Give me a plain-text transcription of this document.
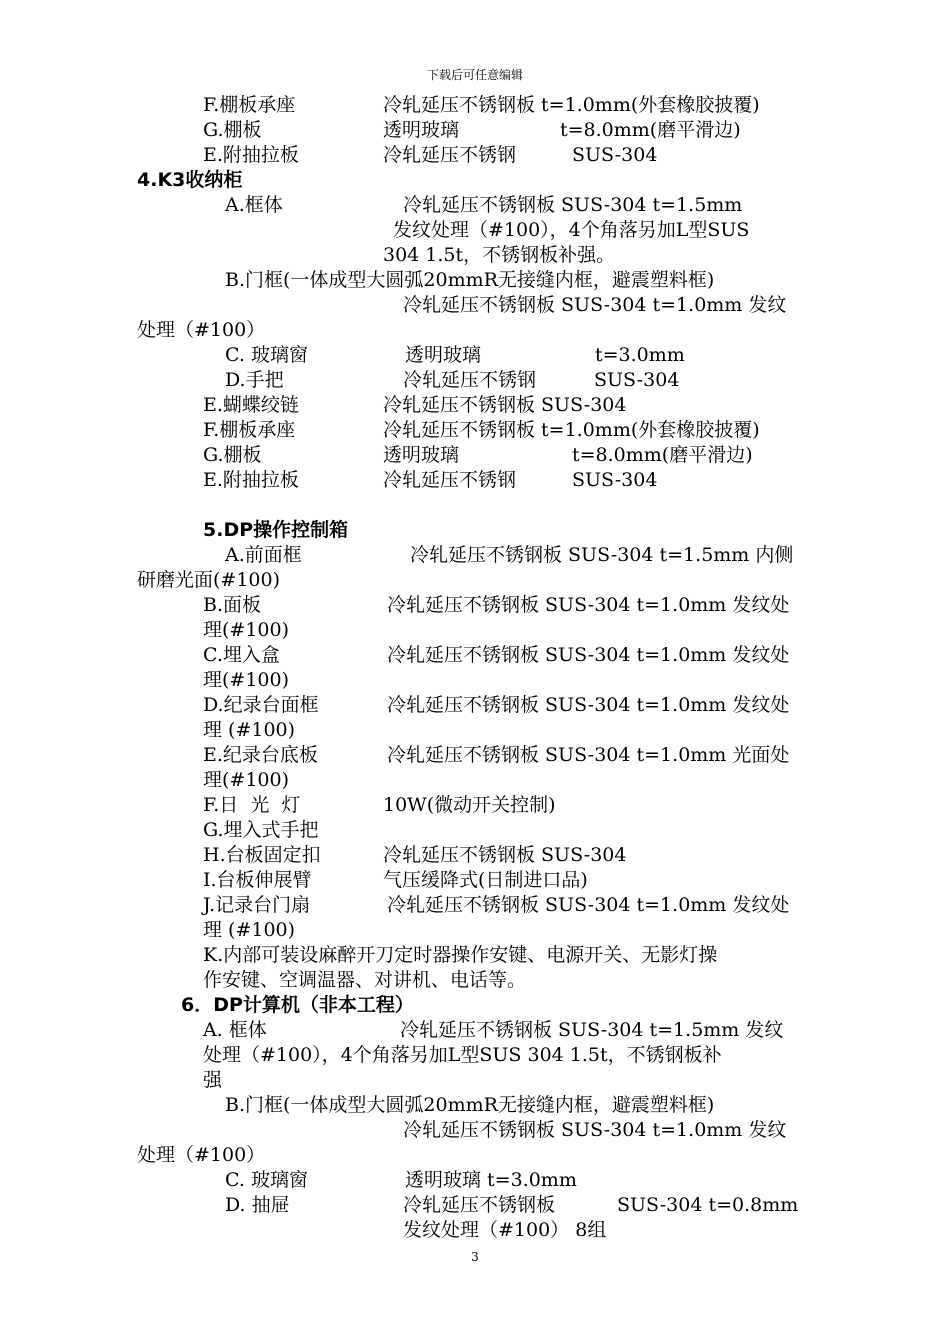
下载后可任意编辑
F.棚板承座	冷轧延压不锈钢板 t=1.0mm(外套橡胶披覆)
G.棚板	透明玻璃	t=8.0mm(磨平滑边)
E.附抽拉板	冷轧延压不锈钢	SUS-304
4.K3收纳柜
A.框体	冷轧延压不锈钢板 SUS-304 t=1.5mm
发纹处理（#100），4个角落另加L型SUS
304 1.5t，不锈钢板补强。
B.门框(一体成型大圆弧20mmR无接缝内框，避震塑料框)
冷轧延压不锈钢板 SUS-304 t=1.0mm 发纹
处理（#100）
C. 玻璃窗	透明玻璃	t=3.0mm
D.手把	冷轧延压不锈钢	SUS-304
E.蝴蝶绞链	冷轧延压不锈钢板 SUS-304
F.棚板承座	冷轧延压不锈钢板 t=1.0mm(外套橡胶披覆)
G.棚板	透明玻璃	t=8.0mm(磨平滑边)
E.附抽拉板	冷轧延压不锈钢	SUS-304
5.DP操作控制箱
A.前面框	冷轧延压不锈钢板 SUS-304 t=1.5mm 内侧
研磨光面(#100)
B.面板	冷轧延压不锈钢板 SUS-304 t=1.0mm 发纹处
理(#100)
C.埋入盒	冷轧延压不锈钢板 SUS-304 t=1.0mm 发纹处
理(#100)
D.纪录台面框	冷轧延压不锈钢板 SUS-304 t=1.0mm 发纹处
理 (#100)
E.纪录台底板	冷轧延压不锈钢板 SUS-304 t=1.0mm 光面处
理(#100)
F.日  光  灯	10W(微动开关控制)
G.埋入式手把
H.台板固定扣	冷轧延压不锈钢板 SUS-304
I.台板伸展臂	气压缓降式(日制进口品)
J.记录台门扇	冷轧延压不锈钢板 SUS-304 t=1.0mm 发纹处
理 (#100)
K.内部可装设麻醉开刀定时器操作安键、电源开关、无影灯操
作安键、空调温器、对讲机、电话等。
6．DP计算机（非本工程）
A. 框体	冷轧延压不锈钢板 SUS-304 t=1.5mm 发纹
处理（#100），4个角落另加L型SUS 304 1.5t，不锈钢板补
强
B.门框(一体成型大圆弧20mmR无接缝内框，避震塑料框)
冷轧延压不锈钢板 SUS-304 t=1.0mm 发纹
处理（#100）
C. 玻璃窗	透明玻璃 t=3.0mm
D. 抽屉	冷轧延压不锈钢板	SUS-304 t=0.8mm
发纹处理（#100） 8组
3
